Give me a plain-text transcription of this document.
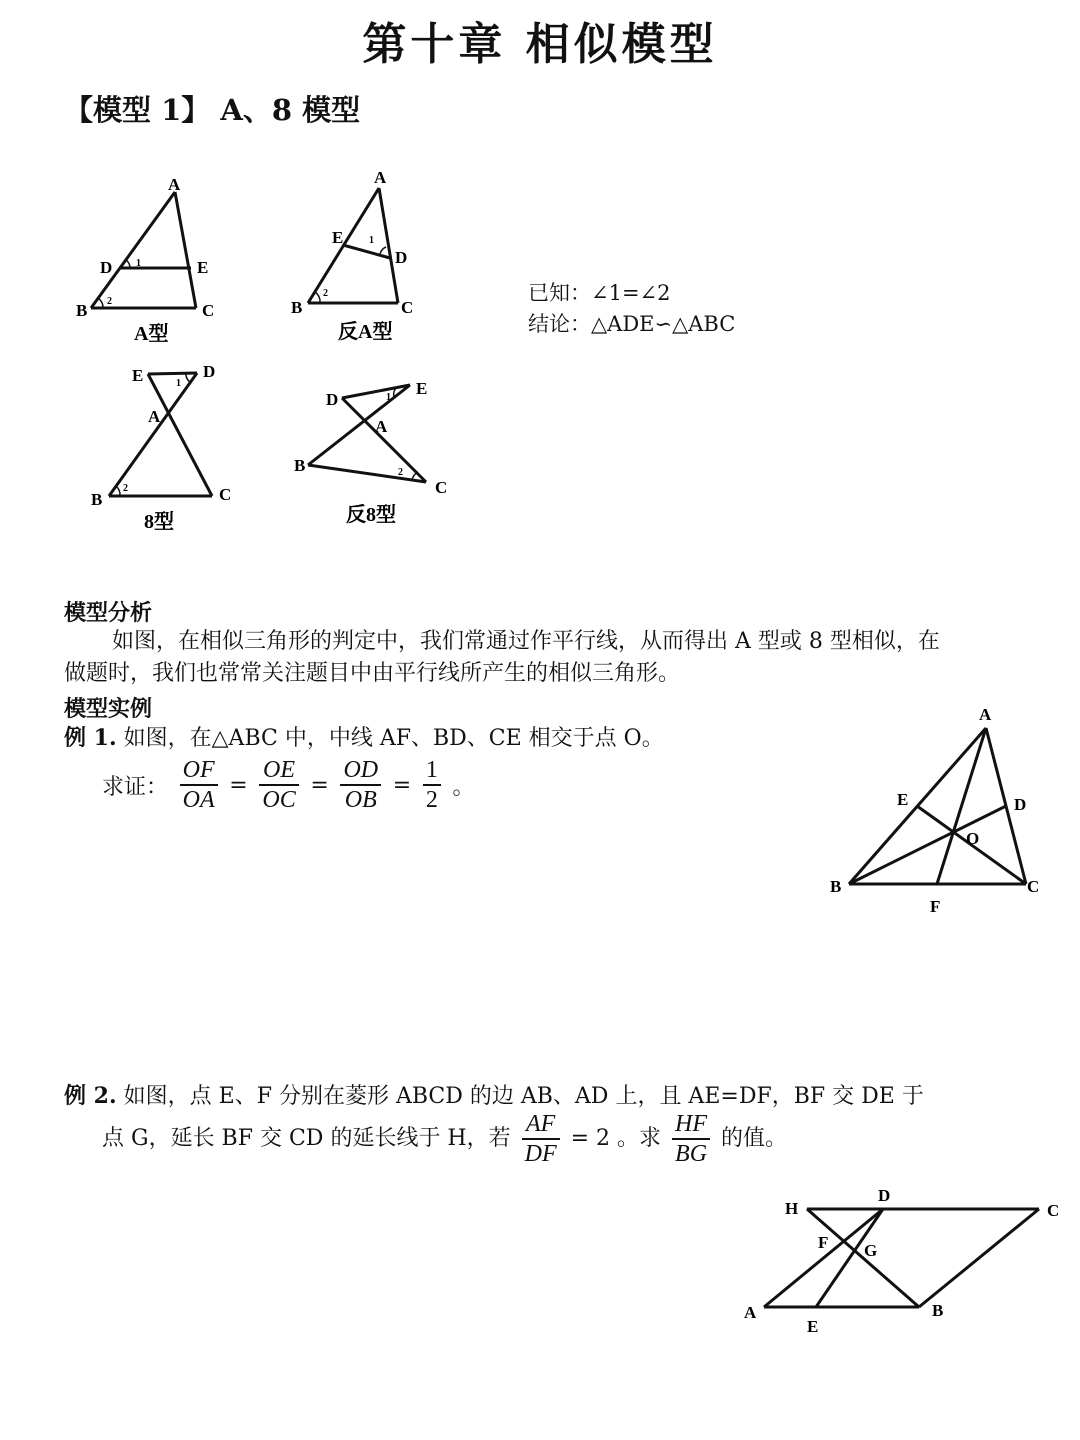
第十章 相似模型
【模型 1】 A、8 模型
A
D	E
B	C
1
2
A型
A
E
D
B	C
1
2
反A型
已知：∠1=∠2
结论：△ADE∽△ABC
E	D
A
B	C
1
2
8型
D
E
A
B
C
1
2
反8型
模型分析
如图，在相似三角形的判定中，我们常通过作平行线，从而得出 A 型或 8 型相似，在
做题时，我们也常常关注题目中由平行线所产生的相似三角形。
模型实例
例 1. 如图，在△ABC 中，中线 AF、BD、CE 相交于点 O。
求证： $\frac{OF}{OA} = \frac{OE}{OC} = \frac{OD}{OB} = \frac{1}{2}$ 。
A
E	D
O
B
F
C
例 2. 如图，点 E、F 分别在菱形 ABCD 的边 AB、AD 上，且 AE=DF，BF 交 DE 于
点 G，延长 BF 交 CD 的延长线于 H，若 $\frac{AF}{DF} = 2$ 。求 $\frac{HF}{BG}$ 的值。
H
D
C
F G
A
E
B
